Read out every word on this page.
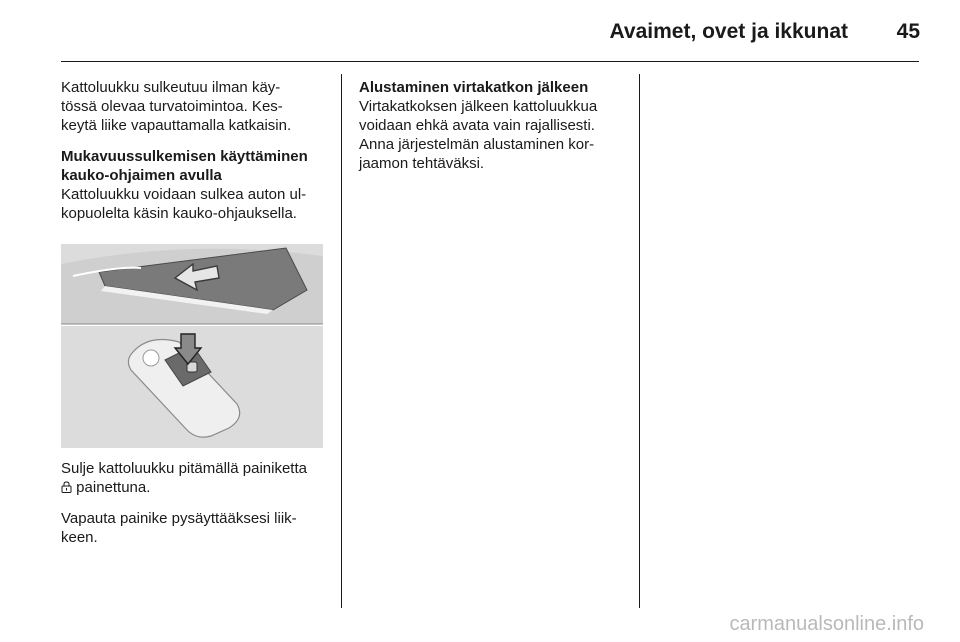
Avaimet, ovet ja ikkunat 45

Kattoluukku sulkeutuu ilman käy-
tössä olevaa turvatoimintoa. Kes-
keytä liike vapauttamalla katkaisin.

Mukavuussulkemisen käyttäminen
kauko-ohjaimen avulla

Kattoluukku voidaan sulkea auton ul-
kopuolelta käsin kauko-ohjauksella.

Sulje kattoluukku pitämällä painiketta
painettuna.

Vapauta painike pysäyttääksesi liik-
keen.

Alustaminen virtakatkon jälkeen

Virtakatkoksen jälkeen kattoluukkua
voidaan ehkä avata vain rajallisesti.
Anna järjestelmän alustaminen kor-
jaamon tehtäväksi.

carmanualsonline.info
